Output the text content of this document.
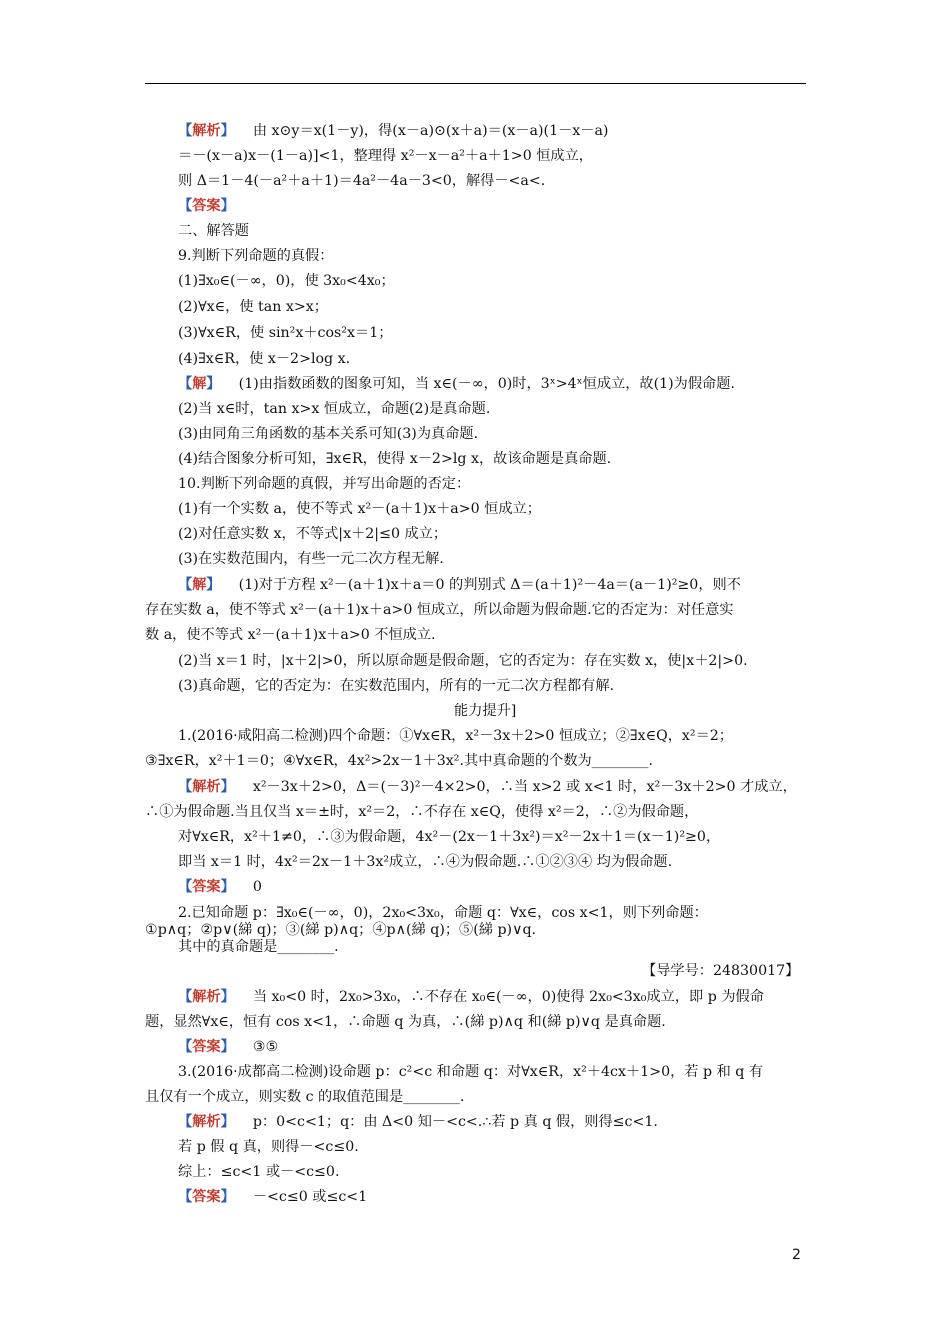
【解析】 由 x⊙y＝x(1－y)，得(x－a)⊙(x＋a)＝(x－a)(1－x－a)
＝－(x－a)x－(1－a)]<1，整理得 x²－x－a²＋a＋1>0 恒成立，
则 Δ＝1－4(－a²＋a＋1)＝4a²－4a－3<0，解得－<a<.
【答案】
二、解答题
9.判断下列命题的真假：
(1)∃x₀∈(－∞，0)，使 3x₀<4x₀；
(2)∀x∈，使 tan x>x；
(3)∀x∈R，使 sin²x＋cos²x＝1；
(4)∃x∈R，使 x－2>log x.
【解】 (1)由指数函数的图象可知，当 x∈(－∞，0)时，3ˣ>4ˣ恒成立，故(1)为假命题.
(2)当 x∈时，tan x>x 恒成立，命题(2)是真命题.
(3)由同角三角函数的基本关系可知(3)为真命题.
(4)结合图象分析可知，∃x∈R，使得 x－2>lg x，故该命题是真命题.
10.判断下列命题的真假，并写出命题的否定：
(1)有一个实数 a，使不等式 x²－(a＋1)x＋a>0 恒成立；
(2)对任意实数 x，不等式|x＋2|≤0 成立；
(3)在实数范围内，有些一元二次方程无解.
【解】 (1)对于方程 x²－(a＋1)x＋a＝0 的判别式 Δ＝(a＋1)²－4a＝(a－1)²≥0，则不
存在实数 a，使不等式 x²－(a＋1)x＋a>0 恒成立，所以命题为假命题.它的否定为：对任意实
数 a，使不等式 x²－(a＋1)x＋a>0 不恒成立.
(2)当 x＝1 时，|x＋2|>0，所以原命题是假命题，它的否定为：存在实数 x，使|x＋2|>0.
(3)真命题，它的否定为：在实数范围内，所有的一元二次方程都有解.
能力提升]
1.(2016·咸阳高二检测)四个命题：①∀x∈R，x²－3x＋2>0 恒成立；②∃x∈Q，x²＝2；
③∃x∈R，x²＋1＝0；④∀x∈R，4x²>2x－1＋3x².其中真命题的个数为________.
【解析】 x²－3x＋2>0，Δ＝(－3)²－4×2>0，∴当 x>2 或 x<1 时，x²－3x＋2>0 才成立，
∴①为假命题.当且仅当 x＝±时，x²＝2，∴不存在 x∈Q，使得 x²＝2，∴②为假命题，
对∀x∈R，x²＋1≠0，∴③为假命题，4x²－(2x－1＋3x²)＝x²－2x＋1＝(x－1)²≥0，
即当 x＝1 时，4x²＝2x－1＋3x²成立，∴④为假命题.∴①②③④ 均为假命题.
【答案】 0
2.已知命题 p：∃x₀∈(－∞，0)，2x₀<3x₀，命题 q：∀x∈，cos x<1，则下列命题：
①p∧q；②p∨(綈 q)；③(綈 p)∧q；④p∧(綈 q)；⑤(綈 p)∨q.
其中的真命题是________.
【导学号：24830017】
【解析】 当 x₀<0 时，2x₀>3x₀，∴不存在 x₀∈(－∞，0)使得 2x₀<3x₀成立，即 p 为假命
题，显然∀x∈，恒有 cos x<1，∴命题 q 为真，∴(綈 p)∧q 和(綈 p)∨q 是真命题.
【答案】 ③⑤
3.(2016·成都高二检测)设命题 p：c²<c 和命题 q：对∀x∈R，x²＋4cx＋1>0，若 p 和 q 有
且仅有一个成立，则实数 c 的取值范围是________.
【解析】 p：0<c<1；q：由 Δ<0 知－<c<.∴若 p 真 q 假，则得≤c<1.
若 p 假 q 真，则得－<c≤0.
综上：≤c<1 或－<c≤0.
【答案】 －<c≤0 或≤c<1
2
